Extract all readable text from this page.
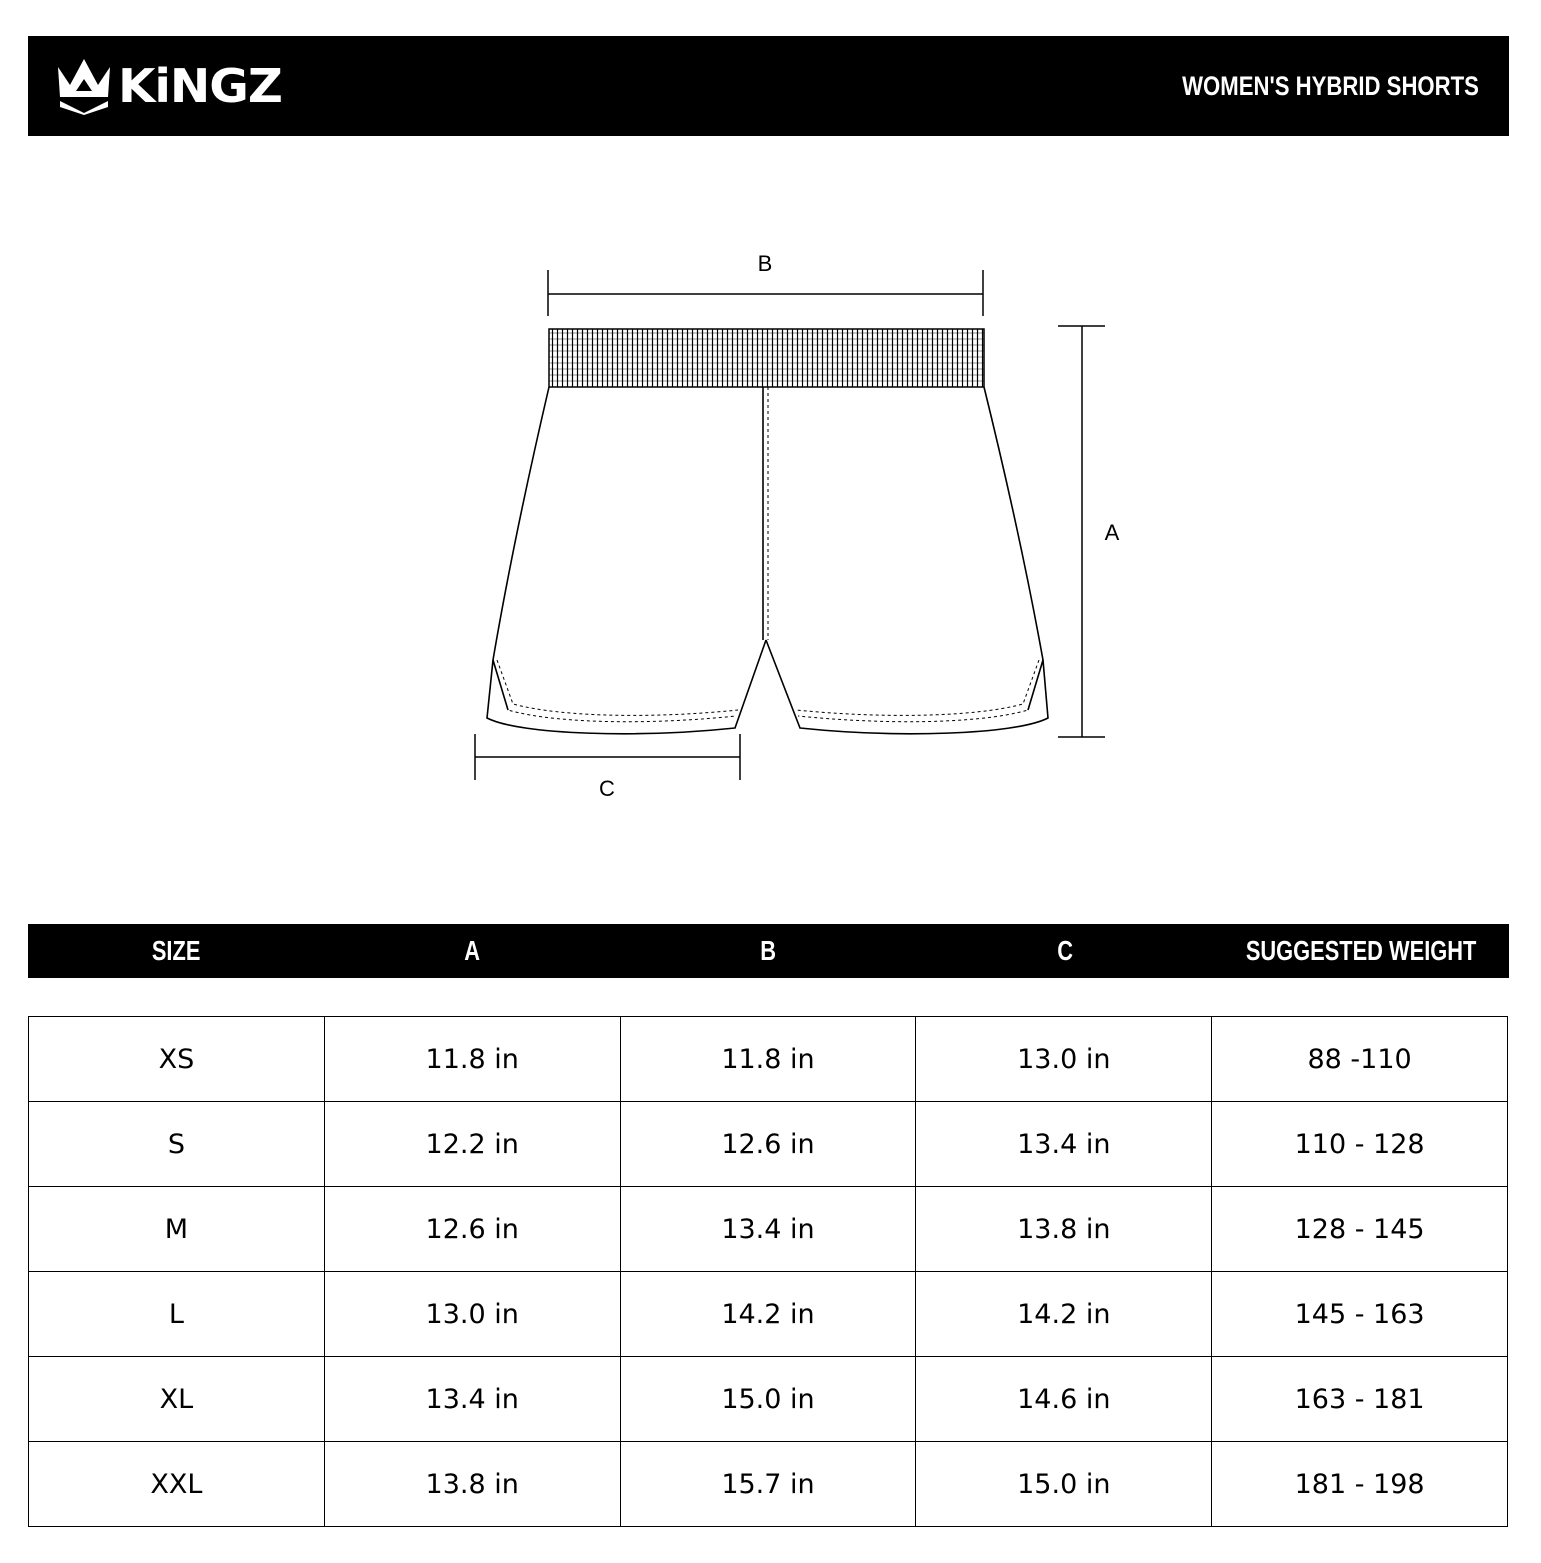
KiNGZ	WOMEN'S HYBRID SHORTS
B
A
C
SIZE	A	B	C	SUGGESTED WEIGHT (LBS)
XS	11.8 in	11.8 in	13.0 in	88 -110
S	12.2 in	12.6 in	13.4 in	110 - 128
M	12.6 in	13.4 in	13.8 in	128 - 145
L	13.0 in	14.2 in	14.2 in	145 - 163
XL	13.4 in	15.0 in	14.6 in	163 - 181
XXL	13.8 in	15.7 in	15.0 in	181 - 198
